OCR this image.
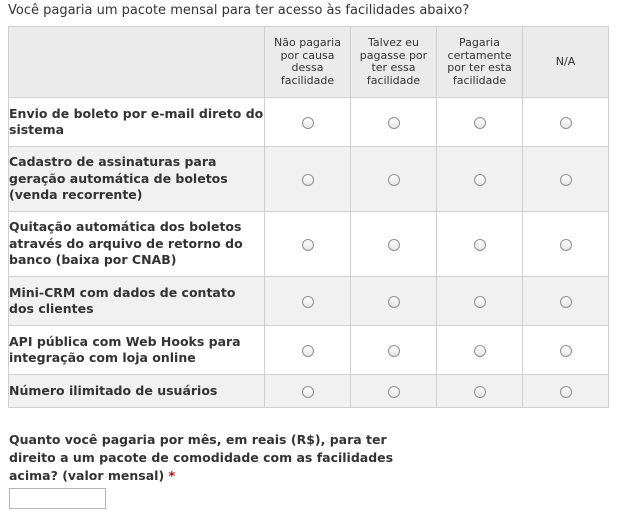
Você pagaria um pacote mensal para ter acesso às facilidades abaixo?
	Não pagaria por causa dessa facilidade	Talvez eu pagasse por ter essa facilidade	Pagaria certamente por ter esta facilidade	N/A
Envio de boleto por e-mail direto do sistema				
Cadastro de assinaturas para geração automática de boletos (venda recorrente)				
Quitação automática dos boletos através do arquivo de retorno do banco (baixa por CNAB)				
Mini-CRM com dados de contato dos clientes				
API pública com Web Hooks para integração com loja online				
Número ilimitado de usuários				
Quanto você pagaria por mês, em reais (R$), para ter direito a um pacote de comodidade com as facilidades acima? (valor mensal) *
